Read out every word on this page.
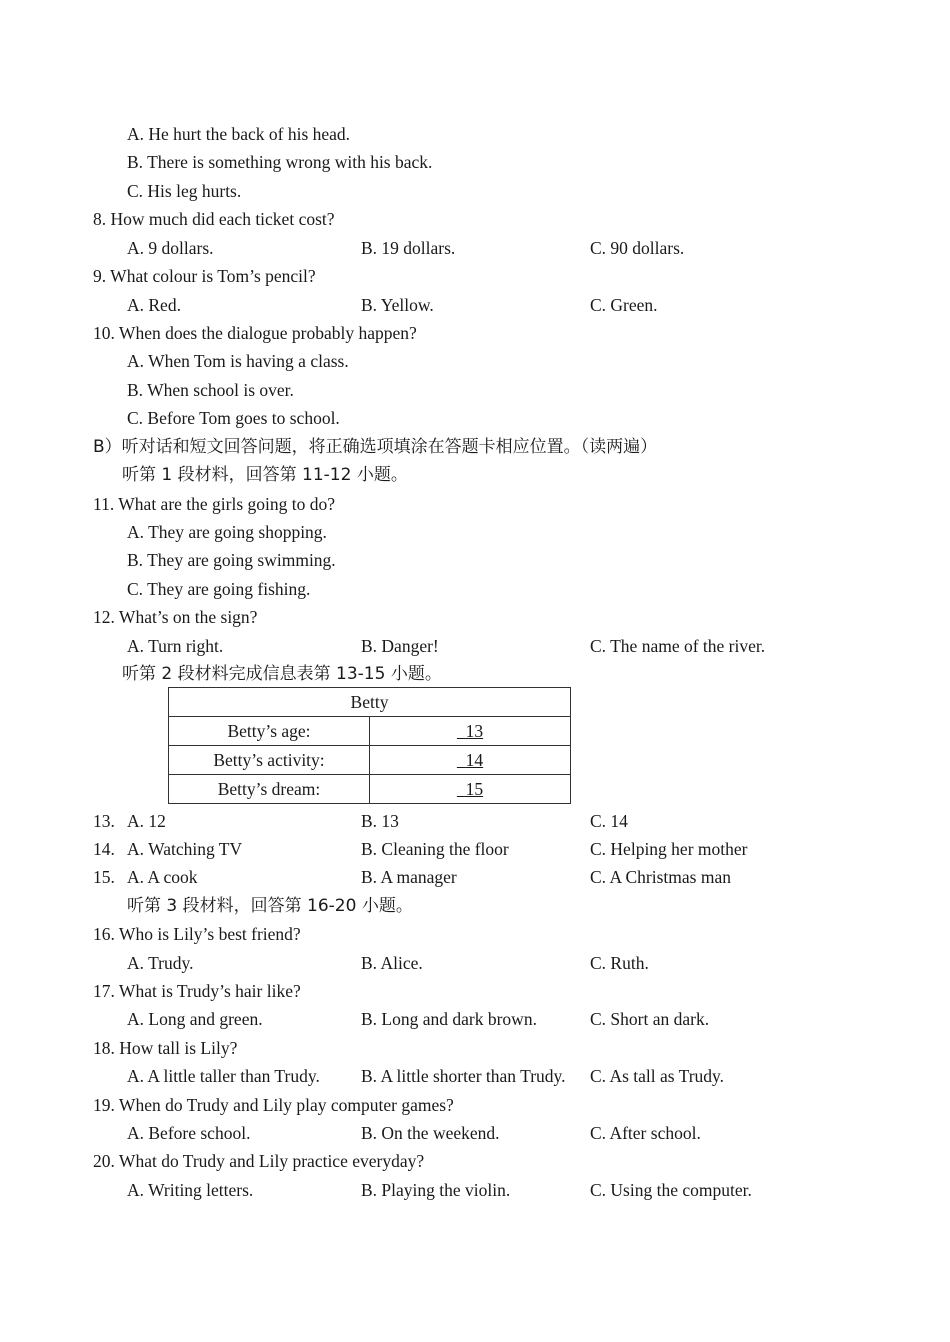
A. He hurt the back of his head.
B. There is something wrong with his back.
C. His leg hurts.
8. How much did each ticket cost?
A. 9 dollars.	B. 19 dollars.	C. 90 dollars.
9. What colour is Tom’s pencil?
A. Red.	B. Yellow.	C. Green.
10. When does the dialogue probably happen?
A. When Tom is having a class.
B. When school is over.
C. Before Tom goes to school.
B）听对话和短文回答问题，将正确选项填涂在答题卡相应位置。（读两遍）
听第 1 段材料，回答第 11-12 小题。
11. What are the girls going to do?
A. They are going shopping.
B. They are going swimming.
C. They are going fishing.
12. What’s on the sign?
A. Turn right.	B. Danger!	C. The name of the river.
听第 2 段材料完成信息表第 13-15 小题。
Betty	
Betty’s age:	13
Betty’s activity:	14
Betty’s dream:	15
13. A. 12	B. 13	C. 14
14. A. Watching TV	B. Cleaning the floor	C. Helping her mother
15. A. A cook	B. A manager	C. A Christmas man
听第 3 段材料，回答第 16-20 小题。
16. Who is Lily’s best friend?
A. Trudy.	B. Alice.	C. Ruth.
17. What is Trudy’s hair like?
A. Long and green.	B. Long and dark brown.	C. Short an dark.
18. How tall is Lily?
A. A little taller than Trudy. B. A little shorter than Trudy. C. As tall as Trudy.
19. When do Trudy and Lily play computer games?
A. Before school.	B. On the weekend.	C. After school.
20. What do Trudy and Lily practice everyday?
A. Writing letters.	B. Playing the violin.	C. Using the computer.
